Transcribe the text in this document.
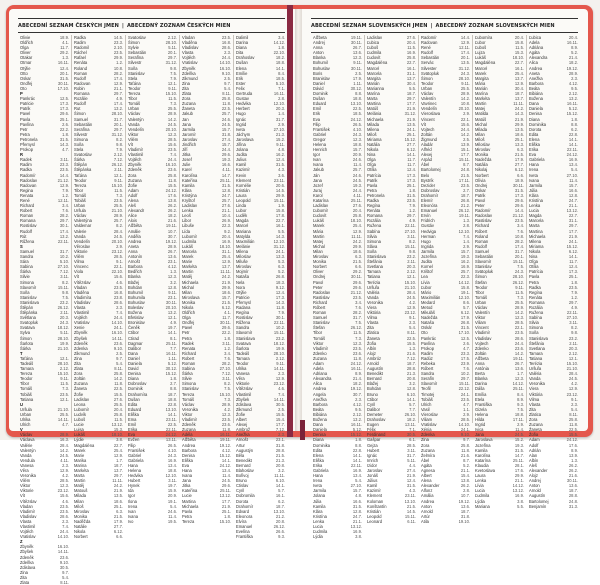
ABECEDNÍ SEZNAM ČESKÝCH JMEN | ABECEDNÝ ZOZNAM ČESKÝCH MIEN
Olivie	18.9.
Oldřich	4.1.
Olga	11.7.
Oliver	29.2.
Otakar	1.3.
Otmar	16.11.
Otýlie	12.4.
Otto	20.1.
Oskar	31.5.
Ondřej	30.11.
Oto	17.10.
P
Pankrác	12.5.
Patricie	17.3.
Patrik	17.3.
Pavel	29.6.
Pavla	25.1.
Pavlína	2.6.
Petr	22.2.
Petra	1.8.
Petronela	31.5.
Přemysl	14.3.
Prokop	4.7.
R
Radek	3.11.
Radim	23.3.
Radka	23.5.
Radomír	14.4.
Radoslav	21.12.
Radovan	12.9.
Regina	7.9.
Renata	1.2.
René	12.11.
Richard	3.4.
Robert	7.6.
Roman	28.2.
Romana	29.7.
Rostislav	30.1.
Rudolf	17.4.
Rút	13.2.
Růžena	22.11.
S
Samuel	31.7.
Sandra	10.2.
Sára	5.10.
Sabina	27.10.
Šárka	7.12.
Silvie	3.11.
Simona	8.2.
Slavomír	15.11.
Soňa	9.8.
Stanislav	7.5.
Stanislava	23.2.
Štěpán	26.12.
Štěpánka	2.11.
Světlana	20.3.
Svatopluk	24.3.
Svatava	18.12.
Sylva	5.11.
Šimon	28.10.
Šarlota	19.9.
Šárka	21.10.
T
Taťána	12.1.
Tadeáš	28.10.
Tamara	2.12.
Tereza	15.10.
Teodor	9.11.
Tibor	11.5.
Tomáš	7.3.
Tobiáš	23.5.
Tatiana	12.1.
U
Uršula	21.10.
Urban	25.5.
Ulrika	14.11.
Ulrich	4.7.
V
Václav	28.9.
Václava	16.3.
Valérie	28.4.
Valentýn	14.2.
Vanda	24.5.
Vendula	4.11.
Vanesa	2.3.
Věra	12.9.
Veronika	4.2.
Vilém	28.5.
Viktor	12.3.
Viktorie	23.12.
Vít	15.6.
Vítězslav	4.6.
Vladan	23.5.
Vladimír	23.5.
Vladislav	28.6.
Vlasta	2.3.
Vlastimil	7.4.
Vojtěch	24.4.
Vratislav	14.10.
Z
Zbyněk	16.10.
Zbyšek	14.11.
Zdeněk	23.6.
Zdeňka	9.10.
Zdislava	30.5.
Zina	9.7.
Zita	5.4.
Zlata	8.11.
Radka	14.5.
Radim	23.3.
Radomil	2.10.
Ráchel	23.5.
Rafael	29.9.
Renáta	1.2.
Roland	10.8.
Roman	28.2.
Rudolf	17.4.
Radovan	12.9.
Robin	21.1.
Romana	29.7.
Rozálie	4.9.
Rudolf	17.4.
Rut	13.2.
Šimon	28.10.
Samuel	31.7.
Sebastián	20.1.
Serafína	29.7.
Silvestr	31.12.
Simona	8.2.
Soňa	9.8.
Stela	7.9.
Svatoslav	2.12.
Šárka	7.12.
Štěpán	26.12.
Štěpánka	2.11.
Taťána	12.1.
Teodor	9.11.
Tereza	15.10.
Tibor	11.5.
Tomáš	7.3.
Tobiáš	23.5.
Urban	25.5.
Uršula	21.10.
Václav	28.9.
Valentýna	25.7.
Valdemar	8.2.
Valerie	28.4.
Vanda	24.5.
Vendelín	20.10.
Věroslav	2.9.
Viktorie	23.12.
Vilém	28.5.
Vilma	9.1.
Vincenc	22.1.
Viola	22.10.
Vít	15.6.
Vítězslav	4.6.
Vladan	23.5.
Vladěna	16.8.
Vladimíra	23.8.
Vladislav	28.6.
Vlasta	2.3.
Vlastimil	7.4.
Vojtěch	24.4.
Vratislav	14.10.
Xenie	24.1.
Zbyněk	16.10.
Zbyšek	14.11.
Zdeněk	23.6.
Zdenka	9.10.
Zikmund	2.5.
Zina	9.7.
Zita	5.4.
Zlata	8.11.
Zora	25.8.
Zoltán	14.2.
Zuzana	11.8.
Žaneta	22.5.
Žofie	15.5.
Ladislav	27.6.
Leona	25.5.
Lubomír	20.4.
Ludvík	25.8.
Luboš	11.5.
Lucie	13.12.
Luisa	15.3.
Lukáš	18.10.
Lýdie	3.8.
Magdaléna	22.7.
Marek	25.4.
Marie	12.9.
Marika	1.7.
Marina	18.7.
Markéta	13.7.
Marta	29.7.
Martin	11.11.
Matěj	24.2.
Matouš	21.9.
Milada	13.5.
Milan	18.6.
Miloš	25.1.
Miroslav	6.3.
Monika	21.5.
Naděžda	17.9.
Natálie	27.7.
Nikola	6.12.
Norbert	6.6.
Svatoslav	2.12.
Šimon	28.10.
Sylvie	5.11.
Sebastián	20.1.
Serafína	29.7.
Silvestr	31.12.
Soňa	9.8.
Stanislav	7.5.
Stela	7.9.
Taťána	12.1.
Teodor	9.11.
Tereza	15.10.
Tibor	11.5.
Tomáš	7.3.
Urban	25.5.
Václav	28.9.
Valentýn	14.2.
Vanda	24.5.
Vendelín	20.10.
Viktor	12.3.
Vilém	28.5.
Vít	15.6.
Vladimír	23.5.
Vlastimil	7.4.
Vojtěch	24.4.
Zbyněk	16.10.
Zdeněk	23.6.
Zora	25.8.
Zuzana	11.8.
Žofie	15.5.
Adam	24.12.
Adolf	17.6.
Alena	13.8.
Aleš	26.2.
Alexandr	26.2.
Alice	18.2.
Alois	21.6.
Alžběta	19.11.
Amálie	10.7.
Anděla	30.7.
Andrea	19.12.
Aneta	28.9.
Anna	26.7.
Antonín	13.6.
Arnošt	23.1.
Barbora	4.12.
Bedřich	1.3.
Blanka	12.3.
Blažej	3.2.
Bohdan	12.8.
Bohumil	9.11.
Bohumila	23.1.
Bohuslav	30.11.
Boleslav	20.10.
Božena	13.2.
Břetislav	12.1.
Bronislav	4.9.
Čeněk	19.7.
Ctibor	14.1.
Ctirad	8.1.
Dagmar	25.11.
Dalibor	7.7.
Dana	16.11.
Daniel	1.11.
Daniela	5.12.
David	30.12.
Denisa	15.12.
Diana	1.8.
Dobroslav	2.7.
Dominik	8.8.
Drahomíra	18.7.
Dušan	18.8.
Edita	22.8.
Eduard	13.10.
Eliška	14.1.
Ema	23.11.
Emil	22.5.
Erika	22.11.
Eva	24.12.
Evžen	13.11.
Filip	26.5.
František	4.10.
Gabriel	24.3.
Gabriela	16.9.
Hana	13.4.
Helena	18.8.
Hedvika	12.10.
Hubert	3.11.
Hynek	19.7.
Ida	15.9.
Igor	20.9.
Ilona	19.1.
Irena	5.4.
Ivan	24.6.
Ivana	11.4.
Ivo	19.5.
Vladan	23.5.
Vladěna	16.8.
Vladislav	28.6.
Vlasta	2.3.
Vojtěch	24.4.
Vratislav	14.10.
Zbyněk	16.10.
Zdeňka	9.10.
Zikmund	2.5.
Zina	9.7.
Zita	5.4.
Zlata	8.11.
Zora	25.8.
Zuzana	11.8.
Žaneta	22.5.
Jakub	25.7.
Jan	24.6.
Jana	24.5.
Jarmila	15.7.
Jaromír	31.8.
Jaroslav	27.4.
Jindřich	15.7.
Jiří	24.4.
Jitka	29.6.
Josef	19.3.
Julie	16.6.
Karel	4.11.
Karolína	14.7.
Kateřina	25.11.
Kamila	31.5.
Klára	12.8.
Kristýna	24.7.
Kryštof	25.7.
Ladislav	27.6.
Lenka	21.1.
Leoš	10.4.
Libor	26.9.
Libuše	22.3.
Lída	9.2.
Lubomír	20.4.
Ludmila	16.9.
Lukáš	18.10.
Marcela	31.1.
Marek	25.4.
Marie	12.9.
Markéta	13.7.
Martin	11.11.
Matěj	24.2.
Michaela	21.9.
Michal	29.9.
Milan	18.6.
Miroslava	15.7.
Monika	21.5.
Nikola	6.12.
Oldřich	4.1.
Olga	11.7.
Ondřej	30.11.
Pavel	29.6.
Petr	22.2.
Petra	1.8.
Radek	3.11.
Renata	1.2.
Richard	3.4.
Robert	7.6.
Roman	28.2.
Sabina	27.10.
Šárka	7.12.
Silvie	3.11.
Simona	8.2.
Stanislav	7.5.
Tereza	15.10.
Tomáš	7.3.
Václav	28.9.
Veronika	4.2.
Viktor	12.3.
Vladimír	23.5.
Zdeněk	23.6.
Zuzana	11.8.
Adéla	16.11.
Alžběta	19.11.
Andrea	19.12.
Barbora	4.12.
Denisa	15.12.
Eliška	14.1.
Eva	24.12.
Hana	13.4.
Ivana	11.4.
Jana	24.5.
Jitka	29.6.
Kateřina	25.11.
Lucie	13.12.
Martina	17.7.
Michaela	21.9.
Pavla	25.1.
Petra	1.8.
Tereza	15.10.
Dalimil	3.4.
Darina	14.12.
Diana	1.8.
Dita	22.10.
Drahoslav	18.2.
Dušan	18.8.
Elena	14.1.
Emílie	8.4.
Erik	18.5.
Ester	5.10.
Felix	7.1.
Gertruda	16.11.
Gustav	2.8.
Hedvika	12.10.
Herbert	20.3.
Hugo	1.4.
Ignác	31.7.
Ingrid	2.9.
Iveta	27.10.
Jáchym	21.3.
Jaroslava	15.2.
Jiřina	9.11.
Jolana	4.8.
Judita	16.2.
Julius	12.4.
Kamil	31.5.
Kazimír	4.3.
Kevin	3.6.
Klement	23.11.
Kornélie	20.6.
Kristián	14.5.
Laura	29.9.
Leopold	15.11.
Linda	1.9.
Lubor	15.8.
Luděk	17.8.
Magda	22.7.
Marcel	16.1.
Mariana	5.5.
Matylda	14.3.
Maxmilián	12.10.
Melánie	31.12.
Milena	24.1.
Miloslav	13.3.
Miluše	5.3.
Miroslav	6.3.
Mojmír	5.2.
Nataša	26.8.
Nela	18.3.
Nora	9.12.
Otýlie	12.4.
Patricie	17.3.
Přemysl	14.3.
Radana	11.8.
Regína	7.9.
Rostislav	30.1.
Růžena	22.11.
Sandra	10.2.
Slavomír	15.11.
Stanislava	23.2.
Svatava	18.12.
Šarlota	19.9.
Tadeáš	28.10.
Tamara	2.12.
Teodor	9.11.
Ulrika	14.11.
Vanesa	2.3.
Věra	12.9.
Viktorie	23.12.
Vítězslav	4.6.
Vlastimil	7.4.
Zbyšek	14.11.
Zdislava	30.5.
Zikmund	2.5.
Žofie	15.5.
Albert	15.4.
Alexej	17.7.
Ambrož	7.12.
Anežka	2.3.
Arnošt	23.1.
Artur	31.8.
Augustýn	28.8.
Běla	21.5.
Benedikt	21.3.
Bernard	20.8.
Blahoslav	3.2.
Bořivoj	11.11.
Bruno	6.10.
Ctislav	14.1.
Cyril	5.7.
Dobromila	16.1.
Dorota	6.2.
Drahomír	18.7.
Edvard	13.10.
Eleonora	21.2.
Elvíra	20.8.
Emanuel	26.12.
Evelína	26.6.
Františka	9.3.
ABECEDNÍ SEZNAM SLOVENSKÝCH JMEN | ABECEDNÝ ZOZNAM SLOVENSKÝCH MIEN
Alžbeta	19.11.
Andrej	30.11.
Anna	26.7.
Anton	13.6.
Blanka	12.3.
Bohumil	9.11.
Bohuslav	30.11.
Boris	2.5.
Branislav	17.9.
Daniel	1.11.
Dávid	30.12.
Dominik	8.8.
Dušan	18.8.
Eduard	13.10.
Emil	22.5.
Erik	18.5.
Eva	24.12.
Filip	26.5.
František	4.10.
Gabriel	24.3.
Gregor	12.3.
Helena	18.8.
Henrich	15.7.
Igor	20.9.
Ivan	24.6.
Ivana	11.4.
Jakub	25.7.
Ján	24.6.
Jana	24.5.
Jozef	19.3.
Juraj	24.4.
Karol	4.11.
Katarína	25.11.
Ladislav	27.6.
Ľubomír	20.4.
Ľudovít	25.8.
Lukáš	18.10.
Marek	25.4.
Mária	12.9.
Martin	11.11.
Matej	24.2.
Michal	29.9.
Milan	18.6.
Miroslav	6.3.
Monika	21.5.
Norbert	6.6.
Oliver	29.2.
Ondrej	30.11.
Pavol	29.6.
Peter	29.6.
Radoslav	21.12.
Rastislav	23.5.
Richard	3.4.
Róbert	7.6.
Roman	28.2.
Samuel	31.7.
Stanislav	7.5.
Štefan	26.12.
Tibor	11.5.
Tomáš	7.3.
Viktor	12.3.
Vladimír	23.5.
Zdenko	23.6.
Zuzana	11.8.
Adam	24.12.
Adela	16.11.
Adriana	8.9.
Alexandra	21.4.
Alica	18.2.
Andrea	19.12.
Angela	30.7.
Anežka	2.3.
Barbora	4.12.
Beáta	9.5.
Bibiána	2.12.
Božena	13.2.
Dana	16.11.
Daniela	5.12.
Denisa	15.12.
Diana	1.8.
Dominika	8.8.
Edita	22.8.
Elena	14.1.
Eliška	14.1.
Erika	22.11.
Gabriela	16.9.
Hana	13.4.
Irena	5.4.
Iveta	27.10.
Jarmila	15.7.
Jolana	4.8.
Júlia	16.6.
Kamila	31.5.
Klára	12.8.
Kristína	24.7.
Lenka	21.1.
Lucia	13.12.
Ľudmila	16.9.
Lýdia	3.8.
Ladislav	27.6.
Ľubica	20.4.
Ľuboš	11.5.
Ľudmila	16.9.
Ľudovít	25.8.
Magdaléna	22.7.
Marcel	16.1.
Marcela	31.1.
Margita	13.7.
Marián	30.4.
Marianna	5.5.
Marína	18.7.
Marta	29.7.
Martina	17.7.
Matúš	21.9.
Melánia	31.12.
Michaela	21.9.
Milada	13.5.
Milena	24.1.
Miloš	25.1.
Miriama	15.12.
Natália	27.7.
Nikola	6.12.
Nina	14.1.
Olga	11.7.
Oľga	11.7.
Otília	12.4.
Patrícia	17.3.
Patrik	17.3.
Pavla	25.1.
Petra	1.8.
Petronela	31.5.
Radka	23.5.
Regína	7.9.
Renáta	1.2.
Romana	29.7.
Rozália	4.9.
Ružena	22.11.
Sabína	27.10.
Silvia	3.11.
Simona	8.2.
Sláva	15.11.
Soňa	9.8.
Stanislava	23.2.
Štefánia	2.11.
Svetlana	20.3.
Tamara	2.12.
Tatiana	12.1.
Terézia	15.10.
Uršuľa	21.10.
Valéria	28.4.
Vanda	24.5.
Veronika	4.2.
Viera	12.9.
Viktória	23.12.
Vilma	9.1.
Vlasta	2.3.
Zita	5.4.
Zlatica	8.11.
Žaneta	22.5.
Žofia	15.5.
Albín	1.3.
Alojz	21.6.
Ambróz	7.12.
Arnold	18.7.
Augustín	28.8.
Benedikt	21.3.
Bernard	20.8.
Blažej	3.2.
Bohdan	12.8.
Bruno	6.10.
Ctibor	14.1.
Cyril	5.7.
Dalibor	7.7.
Demeter	26.10.
Drahoslav	18.2.
Eugen	13.11.
Félix	7.1.
Ferdinand	30.5.
Gašpar	6.1.
Gejza	28.5.
Hubert	3.11.
Ignác	31.7.
Imrich	5.11.
Izidor	4.4.
Jaroslav	27.4.
Jonáš	21.9.
Július	12.4.
Kamil	31.5.
Kazimír	4.3.
Klement	23.11.
Koloman	13.10.
Konštantín	21.5.
Kristián	14.5.
Leopold	15.11.
Leonard	6.11.
Radomír	14.4.
Radovan	12.9.
René	12.11.
Rudolf	17.4.
Sebastián	20.1.
Servác	13.5.
Silvester	31.12.
Svätopluk	24.3.
Šimon	28.10.
Teodor	9.11.
Urban	25.5.
Václav	28.9.
Valentín	14.2.
Vavrinec	10.8.
Vendelín	20.10.
Vieroslava	2.9.
Vincent	22.1.
Vít	15.6.
Vojtech	24.4.
Zoltán	14.2.
Žigmund	2.5.
Aladár	13.9.
Alfréd	15.1.
Alexej	17.7.
Arpád	15.11.
Ábel	8.7.
Bartolomej	24.8.
Belo	21.5.
Bystrík	17.11.
Dezider	23.5.
Dobroslav	2.7.
Drahomír	18.7.
Elemír	26.8.
Eleonóra	21.2.
Emanuel	26.12.
Ervín	19.11.
Fridrich	1.3.
Gustáv	2.8.
Hedviga	12.10.
Herman	7.4.
Hugo	1.4.
Ingrida	2.9.
Jarmila	15.7.
Jozefína	19.3.
Judita	16.2.
Kornel	16.9.
Krištof	25.7.
Lea	22.3.
Lívia	14.12.
Ľubor	15.8.
Mário	19.1.
Maximilián	12.10.
Medard	8.6.
Metod	5.7.
Mikuláš	6.12.
Nadežda	17.9.
Nataša	26.8.
Oskár	31.5.
Oto	17.10.
Pankrác	12.5.
Pavlína	2.6.
Prokop	4.7.
Radim	23.3.
Radúz	17.5.
Rebeka	23.9.
Róbert	7.6.
Sandra	10.2.
Serafín	29.7.
Slavomír	15.11.
Teofil	22.12.
Timotej	24.1.
Tobiáš	23.5.
Ulrich	4.7.
Vasil	1.1.
Vieroslav	2.9.
Viliam	28.5.
Vratislav	14.10.
Xénia	24.1.
Zdenka	9.10.
Zina	9.7.
Zora	25.8.
Zuzana	11.8.
Želmíra	21.6.
Ábel	8.7.
Agáta	5.2.
Agnesa	21.1.
Albert	15.4.
Alena	13.8.
Alexander	26.2.
Alfonz	2.8.
Amália	10.7.
Andrea	19.12.
Anton	13.6.
Arnold	18.7.
Artúr	31.8.
Atila	19.10.
Ľubomíra	20.4.
Ľubor	15.8.
Ľuboš	11.5.
Lujza	15.3.
Lukáš	18.10.
Magdaléna	22.7.
Marcel	16.1.
Marek	25.4.
Margita	13.7.
Mária	12.9.
Marián	30.4.
Marína	18.7.
Markéta	13.7.
Martin	11.11.
Matej	24.2.
Matilda	14.3.
Matúš	21.9.
Michal	29.9.
Milada	13.5.
Milan	18.6.
Miloš	25.1.
Miloslav	13.3.
Miroslav	6.3.
Monika	21.5.
Nadežda	17.9.
Natália	27.7.
Nikolaj	6.12.
Norbert	6.6.
Olívia	18.9.
Ondrej	30.11.
Oskar	31.5.
Patrik	17.3.
Pavol	29.6.
Peter	29.6.
Radomír	14.4.
Radoslav	21.12.
Rastislav	23.5.
Richard	3.4.
Róbert	7.6.
Roland	10.8.
Roman	28.2.
Rudolf	17.4.
Samuel	31.7.
Sebastián	20.1.
Slavomír	15.11.
Stanislav	7.5.
Svätopluk	24.3.
Šimon	28.10.
Štefan	26.12.
Teodor	9.11.
Tibor	11.5.
Tomáš	7.3.
Urban	25.5.
Václav	28.9.
Valentín	14.2.
Viktor	12.3.
Viliam	28.5.
Vincent	22.1.
Vladimír	23.5.
Vladislav	28.6.
Vojtech	24.4.
Zdenko	23.6.
Zoltán	14.2.
Alžbeta	19.11.
Anna	26.7.
Antónia	13.6.
Berta	1.7.
Blanka	12.3.
Darina	14.12.
Dáša	25.11.
Emília	8.4.
Etela	8.9.
Františka	9.3.
Gizela	7.5.
Helena	18.8.
Hilda	17.11.
Ingrid	2.9.
Ivica	11.4.
Jana	24.5.
Jaroslava	15.2.
Jozefína	19.3.
Kamila	31.5.
Karolína	14.7.
Katarína	25.11.
Klaudia	28.1.
Kvetoslava	17.6.
Laura	29.9.
Lenka	21.1.
Lívia	14.12.
Lucia	13.12.
Ľudmila	16.9.
Lýdia	3.8.
Mariana	5.5.
Ľubica	20.4.
Adela	16.11.
Adriána	8.9.
Agáta	5.2.
Alexandra	21.4.
Alica	18.2.
Andrea	19.12.
Aneta	28.9.
Anežka	2.3.
Barbora	4.12.
Beáta	9.5.
Bibiána	2.12.
Božena	13.2.
Dana	16.11.
Daniela	5.12.
Denisa	15.12.
Diana	1.8.
Dominika	8.8.
Dorota	6.2.
Edita	22.8.
Elena	14.1.
Eliška	14.1.
Erika	22.11.
Eva	24.12.
Gabriela	16.9.
Hana	13.4.
Irena	5.4.
Iveta	27.10.
Ivana	11.4.
Jarmila	15.7.
Júlia	16.6.
Klára	12.8.
Kristína	24.7.
Lenka	21.1.
Lucia	13.12.
Magda	22.7.
Marcela	31.1.
Marta	29.7.
Martina	17.7.
Michaela	21.9.
Milena	24.1.
Miriama	15.12.
Nikola	6.12.
Nina	14.1.
Oľga	11.7.
Otília	12.4.
Patrícia	17.3.
Pavla	25.1.
Petra	1.8.
Radka	23.5.
Regína	7.9.
Renáta	1.2.
Romana	29.7.
Rozália	4.9.
Ružena	22.11.
Sabína	27.10.
Silvia	3.11.
Simona	8.2.
Soňa	9.8.
Stanislava	23.2.
Štefánia	2.11.
Svetlana	20.3.
Tamara	2.12.
Tatiana	12.1.
Terézia	15.10.
Uršuľa	21.10.
Valéria	28.4.
Vanda	24.5.
Veronika	4.2.
Viera	12.9.
Viktória	23.12.
Vilma	9.1.
Vlasta	2.3.
Zita	5.4.
Zlatica	8.11.
Zora	25.8.
Zuzana	11.8.
Žaneta	22.5.
Žofia	15.5.
Adam	24.12.
Adolf	17.6.
Adrián	8.9.
Alan	13.9.
Albín	1.3.
Aleš	26.2.
Alexander	26.2.
Alojz	21.6.
Andrej	30.11.
Anton	13.6.
Arnold	18.7.
Augustín	28.8.
Bartolomej	24.8.
Benjamín	31.3.
